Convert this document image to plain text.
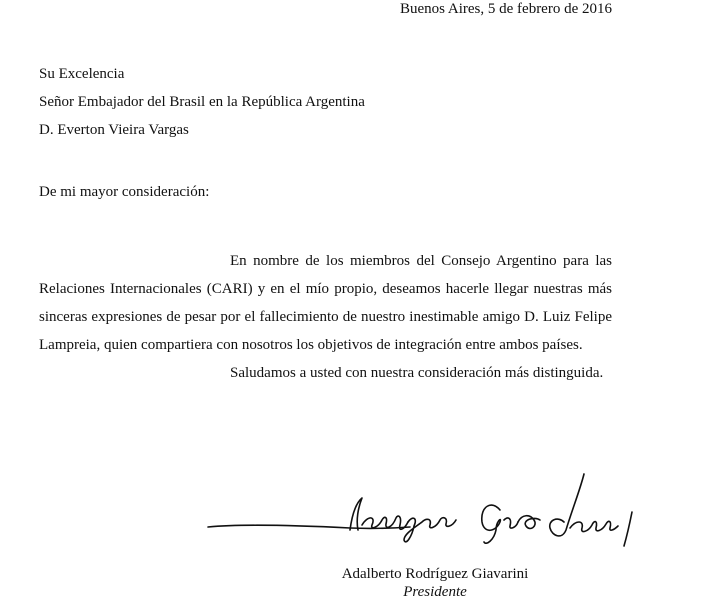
Buenos Aires, 5 de febrero de 2016
Su Excelencia
Señor Embajador del Brasil en la República Argentina
D. Everton Vieira Vargas
De mi mayor consideración:

En nombre de los miembros del Consejo Argentino para las Relaciones Internacionales (CARI) y en el mío propio, deseamos hacerle llegar nuestras más sinceras expresiones de pesar por el fallecimiento de nuestro inestimable amigo D. Luiz Felipe Lampreia, quien compartiera con nosotros los objetivos de integración entre ambos países.

Saludamos a usted con nuestra consideración más distinguida.

Adalberto Rodríguez Giavarini
Presidente
